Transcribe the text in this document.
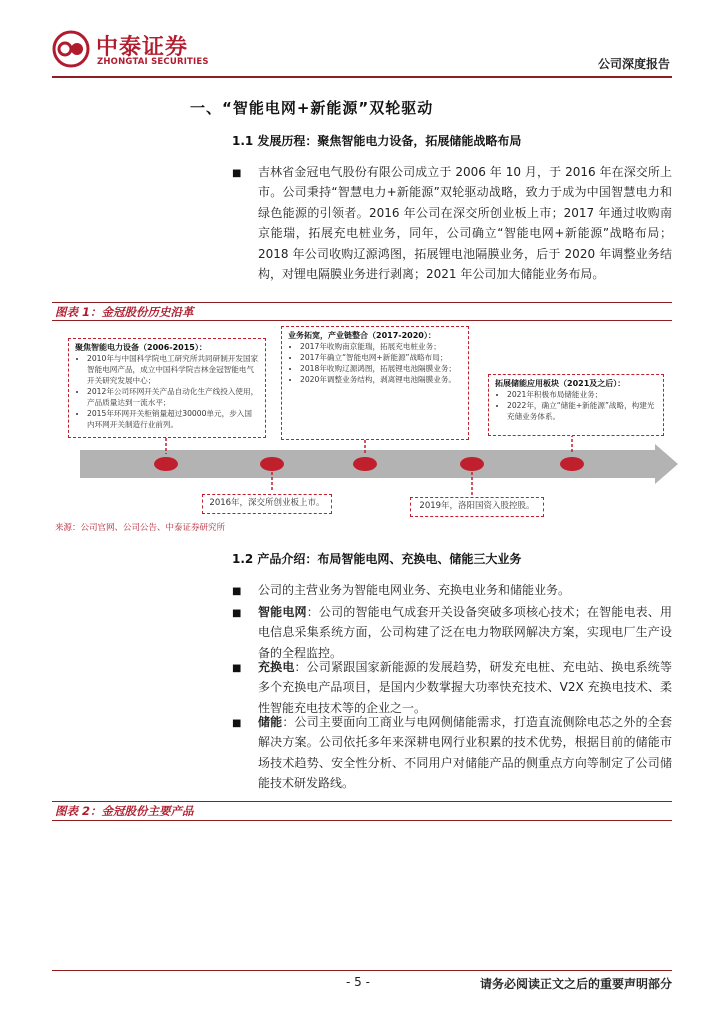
中泰证券
ZHONGTAI SECURITIES	公司深度报告
一、“智能电网+新能源”双轮驱动
1.1 发展历程：聚焦智能电力设备，拓展储能战略布局
■ 吉林省金冠电气股份有限公司成立于 2006 年 10 月，于 2016 年在深交所上市。公司秉持“智慧电力+新能源”双轮驱动战略，致力于成为中国智慧电力和绿色能源的引领者。2016 年公司在深交所创业板上市；2017 年通过收购南京能瑞，拓展充电桩业务，同年，公司确立“智能电网+新能源”战略布局；2018 年公司收购辽源鸿图，拓展锂电池隔膜业务，后于 2020 年调整业务结构，对锂电隔膜业务进行剥离；2021 年公司加大储能业务布局。
图表 1：金冠股份历史沿革
聚焦智能电力设备（2006-2015）：
• 2010年与中国科学院电工研究所共同研制开发国家智能电网产品，成立中国科学院吉林金冠智能电气开关研究发展中心；
• 2012年公司环网开关产品自动化生产线投入使用，产品质量达到一流水平；
• 2015年环网开关柜销量超过30000单元，步入国内环网开关制造行业前列。
业务拓宽，产业链整合（2017-2020）：
• 2017年收购南京能瑞，拓展充电桩业务；
• 2017年确立“智能电网+新能源”战略布局；
• 2018年收购辽源鸿图，拓展锂电池隔膜业务；
• 2020年调整业务结构，剥离锂电池隔膜业务。	拓展储能应用板块（2021及之后）：
• 2021年积极布局储能业务；
• 2022年，确立“储能+新能源”战略，构建光充储业务体系。
2016年，深交所创业板上市。	2019年，洛阳国资入股控股。
来源：公司官网、公司公告、中泰证券研究所
1.2 产品介绍：布局智能电网、充换电、储能三大业务
■ 公司的主营业务为智能电网业务、充换电业务和储能业务。
■ 智能电网：公司的智能电气成套开关设备突破多项核心技术；在智能电表、用电信息采集系统方面，公司构建了泛在电力物联网解决方案，实现电厂生产设备的全程监控。
■ 充换电：公司紧跟国家新能源的发展趋势，研发充电桩、充电站、换电系统等多个充换电产品项目，是国内少数掌握大功率快充技术、V2X 充换电技术、柔性智能充电技术等的企业之一。
■ 储能：公司主要面向工商业与电网侧储能需求，打造直流侧除电芯之外的全套解决方案。公司依托多年来深耕电网行业积累的技术优势，根据目前的储能市场技术趋势、安全性分析、不同用户对储能产品的侧重点方向等制定了公司储能技术研发路线。
图表 2：金冠股份主要产品
- 5 -	请务必阅读正文之后的重要声明部分
